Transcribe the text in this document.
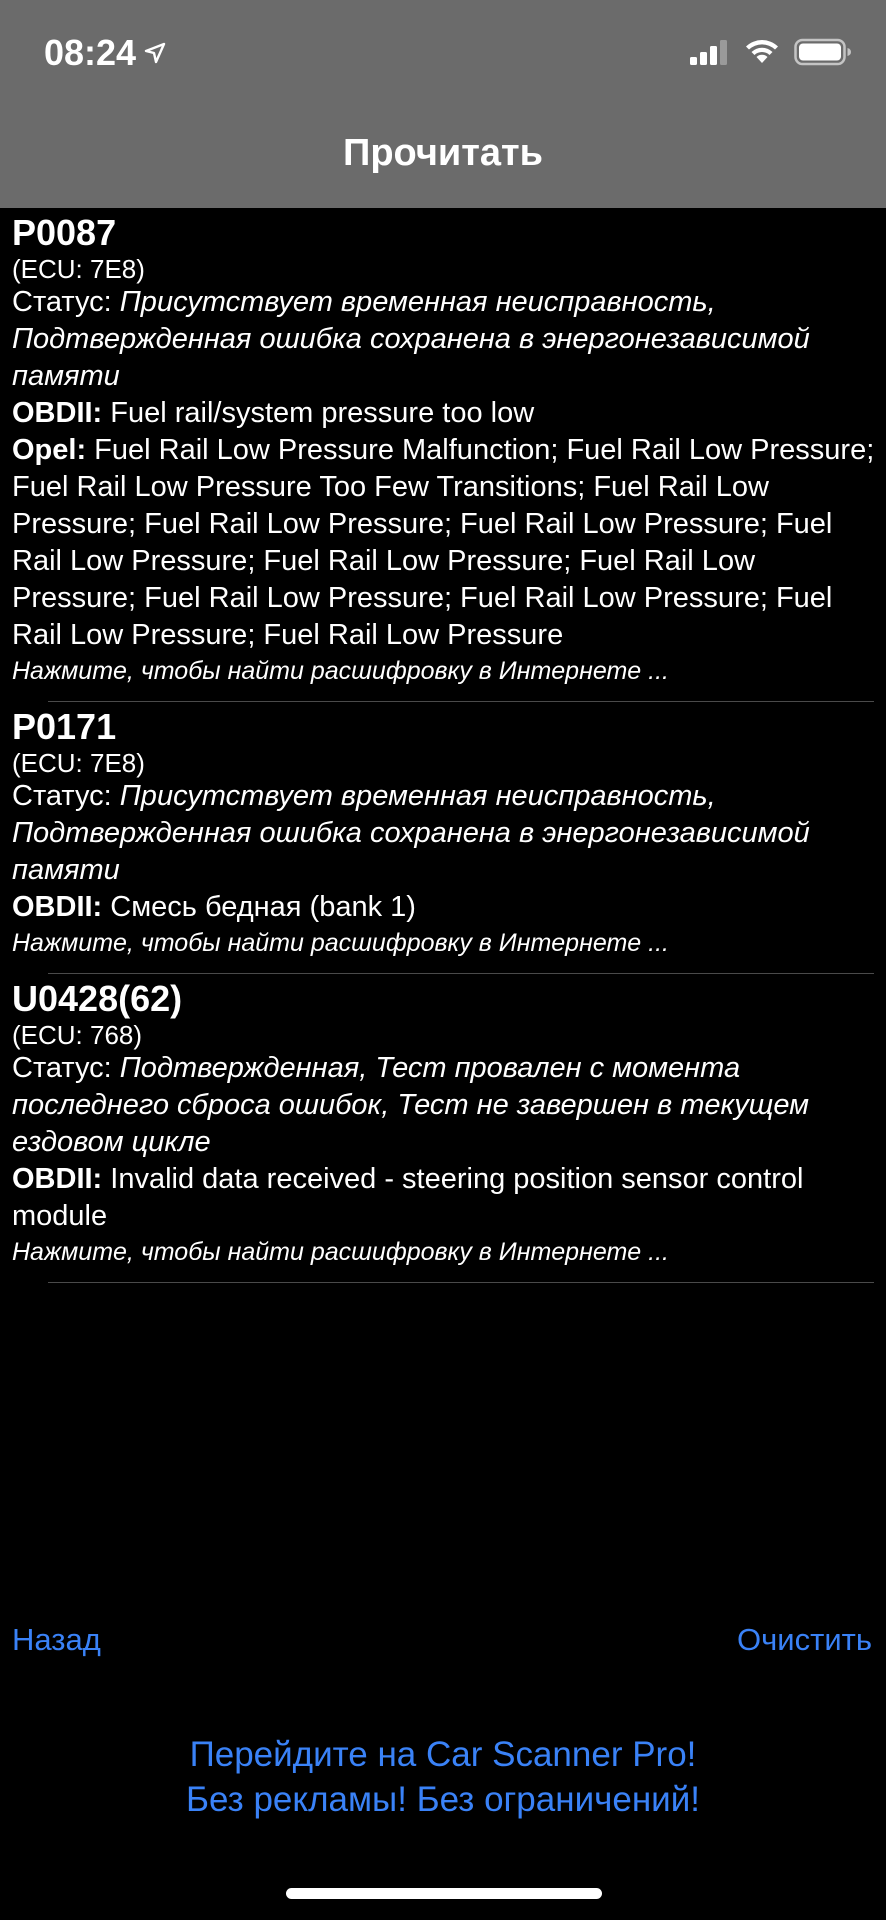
08:24
Прочитать
P0087
(ECU: 7E8)
Статус: Присутствует временная неисправность, Подтвержденная ошибка сохранена в энергонезависимой памяти
OBDII: Fuel rail/system pressure too low
Opel: Fuel Rail Low Pressure Malfunction; Fuel Rail Low Pressure; Fuel Rail Low Pressure Too Few Transitions; Fuel Rail Low Pressure; Fuel Rail Low Pressure; Fuel Rail Low Pressure; Fuel Rail Low Pressure; Fuel Rail Low Pressure; Fuel Rail Low Pressure; Fuel Rail Low Pressure; Fuel Rail Low Pressure; Fuel Rail Low Pressure; Fuel Rail Low Pressure
Нажмите, чтобы найти расшифровку в Интернете ...
P0171
(ECU: 7E8)
Статус: Присутствует временная неисправность, Подтвержденная ошибка сохранена в энергонезависимой памяти
OBDII: Смесь бедная (bank 1)
Нажмите, чтобы найти расшифровку в Интернете ...
U0428(62)
(ECU: 768)
Статус: Подтвержденная, Тест провален с момента последнего сброса ошибок, Тест не завершен в текущем ездовом цикле
OBDII: Invalid data received - steering position sensor control module
Нажмите, чтобы найти расшифровку в Интернете ...
Назад	Очистить
Перейдите на Car Scanner Pro!
Без рекламы! Без ограничений!
